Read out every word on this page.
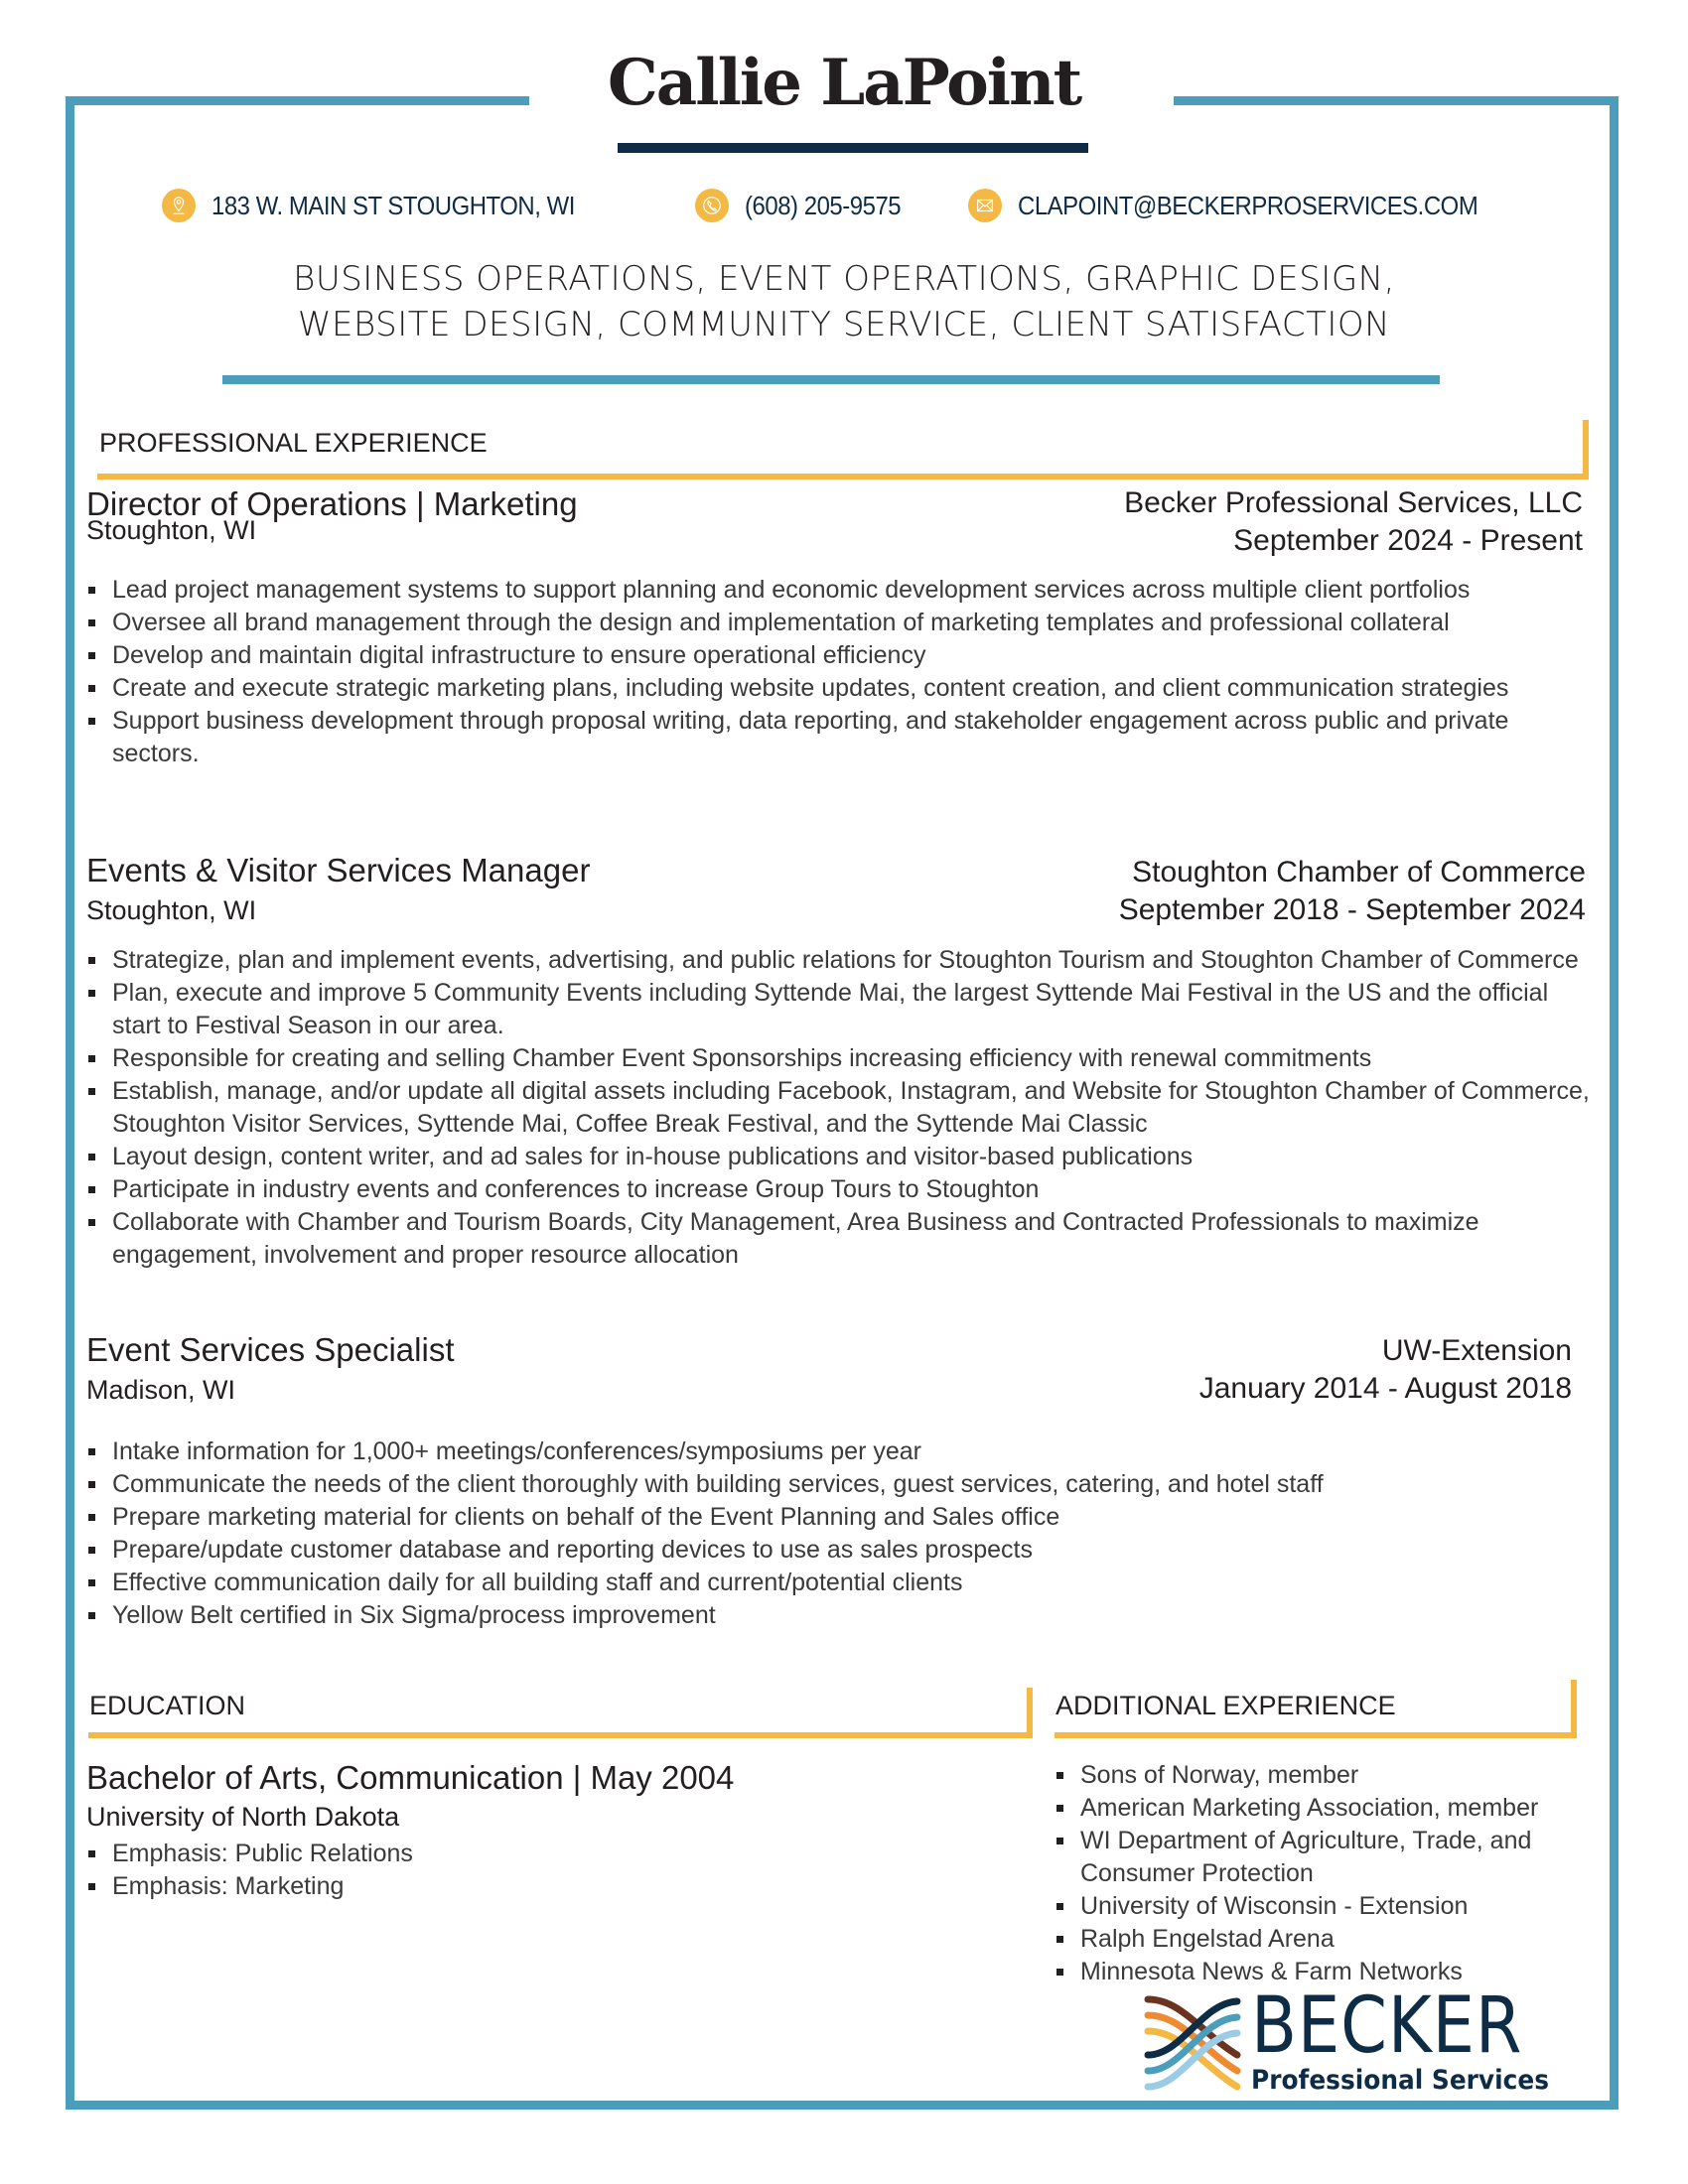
Callie LaPoint
183 W. MAIN ST STOUGHTON, WI	(608) 205-9575	CLAPOINT@BECKERPROSERVICES.COM
BUSINESS OPERATIONS, EVENT OPERATIONS, GRAPHIC DESIGN,
WEBSITE DESIGN, COMMUNITY SERVICE, CLIENT SATISFACTION
PROFESSIONAL EXPERIENCE
Director of Operations | Marketing
Stoughton, WI
Becker Professional Services, LLC
September 2024 - Present
Lead project management systems to support planning and economic development services across multiple client portfolios
Oversee all brand management through the design and implementation of marketing templates and professional collateral
Develop and maintain digital infrastructure to ensure operational efficiency
Create and execute strategic marketing plans, including website updates, content creation, and client communication strategies
Support business development through proposal writing, data reporting, and stakeholder engagement across public and private sectors.
Events & Visitor Services Manager
Stoughton, WI
Stoughton Chamber of Commerce
September 2018 - September 2024
Strategize, plan and implement events, advertising, and public relations for Stoughton Tourism and Stoughton Chamber of Commerce
Plan, execute and improve 5 Community Events including Syttende Mai, the largest Syttende Mai Festival in the US and the official start to Festival Season in our area.
Responsible for creating and selling Chamber Event Sponsorships increasing efficiency with renewal commitments
Establish, manage, and/or update all digital assets including Facebook, Instagram, and Website for Stoughton Chamber of Commerce, Stoughton Visitor Services, Syttende Mai, Coffee Break Festival, and the Syttende Mai Classic
Layout design, content writer, and ad sales for in-house publications and visitor-based publications
Participate in industry events and conferences to increase Group Tours to Stoughton
Collaborate with Chamber and Tourism Boards, City Management, Area Business and Contracted Professionals to maximize engagement, involvement and proper resource allocation
Event Services Specialist
Madison, WI
UW-Extension
January 2014 - August 2018
Intake information for 1,000+ meetings/conferences/symposiums per year
Communicate the needs of the client thoroughly with building services, guest services, catering, and hotel staff
Prepare marketing material for clients on behalf of the Event Planning and Sales office
Prepare/update customer database and reporting devices to use as sales prospects
Effective communication daily for all building staff and current/potential clients
Yellow Belt certified in Six Sigma/process improvement
EDUCATION
Bachelor of Arts, Communication | May 2004
University of North Dakota
Emphasis: Public Relations
Emphasis: Marketing
ADDITIONAL EXPERIENCE
Sons of Norway, member
American Marketing Association, member
WI Department of Agriculture, Trade, and Consumer Protection
University of Wisconsin - Extension
Ralph Engelstad Arena
Minnesota News & Farm Networks
BECKER
Professional Services
